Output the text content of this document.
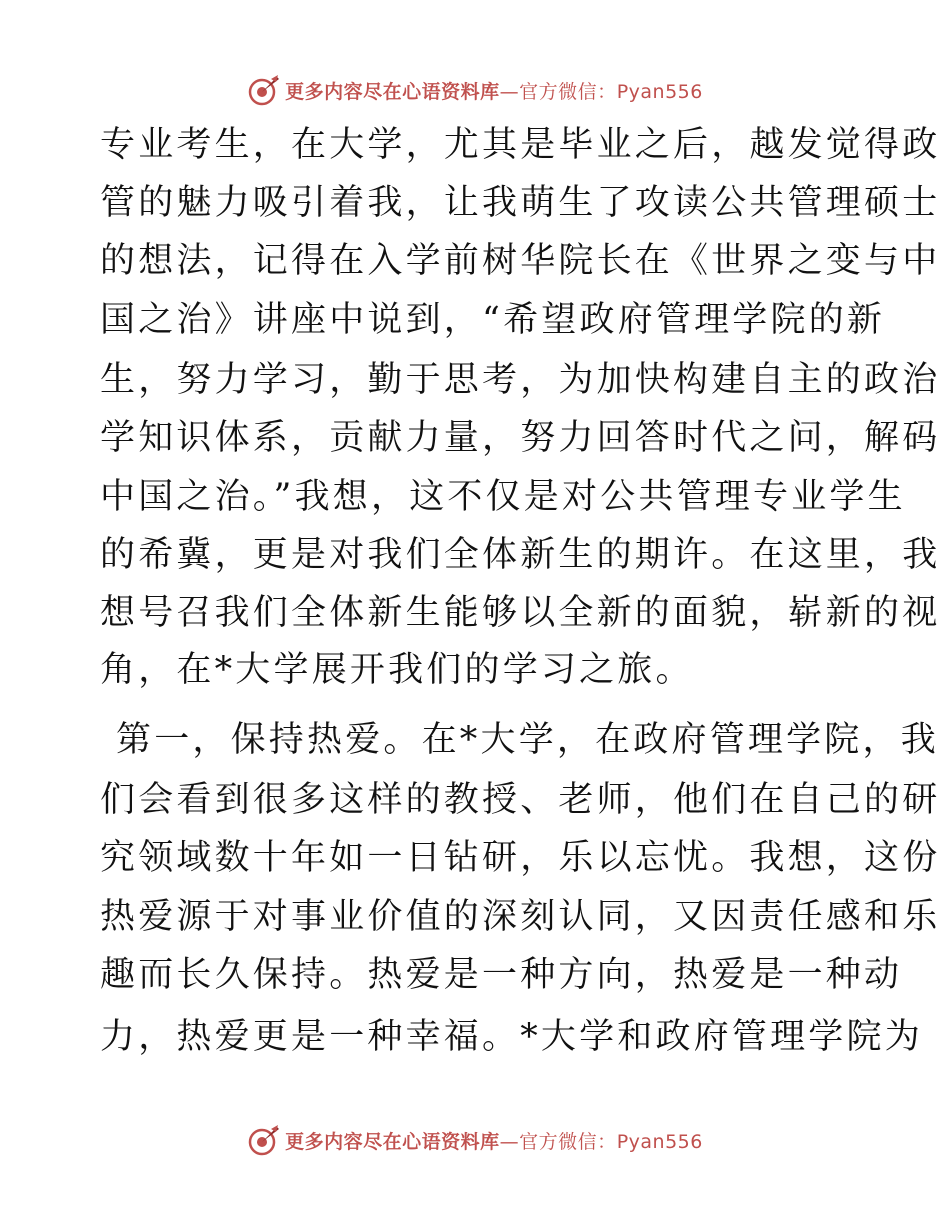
更多内容尽在心语资料库—官方微信：Pyan556
专业考生，在大学，尤其是毕业之后，越发觉得政
管的魅力吸引着我，让我萌生了攻读公共管理硕士
的想法，记得在入学前树华院长在《世界之变与中
国之治》讲座中说到，“希望政府管理学院的新
生，努力学习，勤于思考，为加快构建自主的政治
学知识体系，贡献力量，努力回答时代之问，解码
中国之治。”我想，这不仅是对公共管理专业学生
的希冀，更是对我们全体新生的期许。在这里，我
想号召我们全体新生能够以全新的面貌，崭新的视
角，在*大学展开我们的学习之旅。
第一，保持热爱。在*大学，在政府管理学院，我
们会看到很多这样的教授、老师，他们在自己的研
究领域数十年如一日钻研，乐以忘忧。我想，这份
热爱源于对事业价值的深刻认同，又因责任感和乐
趣而长久保持。热爱是一种方向，热爱是一种动
力，热爱更是一种幸福。*大学和政府管理学院为
更多内容尽在心语资料库—官方微信：Pyan556
